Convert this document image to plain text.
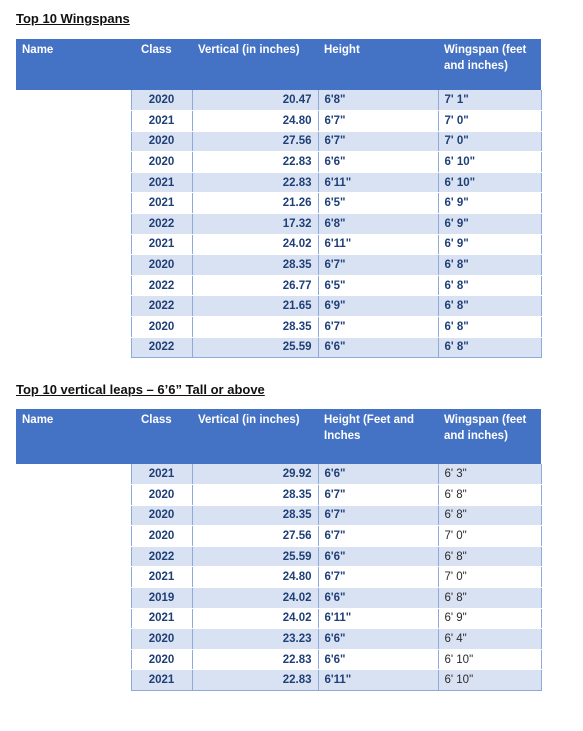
Top 10 Wingspans
Name	Class	Vertical (in inches)	Height	Wingspan (feet and inches)
	2020	20.47	6'8"	7' 1"
	2021	24.80	6'7"	7' 0"
	2020	27.56	6'7"	7' 0"
	2020	22.83	6'6"	6' 10"
	2021	22.83	6'11"	6' 10"
	2021	21.26	6'5"	6' 9"
	2022	17.32	6'8"	6' 9"
	2021	24.02	6'11"	6' 9"
	2020	28.35	6'7"	6' 8"
	2022	26.77	6'5"	6' 8"
	2022	21.65	6'9"	6' 8"
	2020	28.35	6'7"	6' 8"
	2022	25.59	6'6"	6' 8"
Top 10 vertical leaps – 6’6” Tall or above
Name	Class	Vertical (in inches)	Height (Feet and Inches	Wingspan (feet and inches)
	2021	29.92	6'6"	6' 3"
	2020	28.35	6'7"	6' 8"
	2020	28.35	6'7"	6' 8"
	2020	27.56	6'7"	7' 0"
	2022	25.59	6'6"	6' 8"
	2021	24.80	6'7"	7' 0"
	2019	24.02	6'6"	6' 8"
	2021	24.02	6'11"	6' 9"
	2020	23.23	6'6"	6' 4"
	2020	22.83	6'6"	6' 10"
	2021	22.83	6'11"	6' 10"
